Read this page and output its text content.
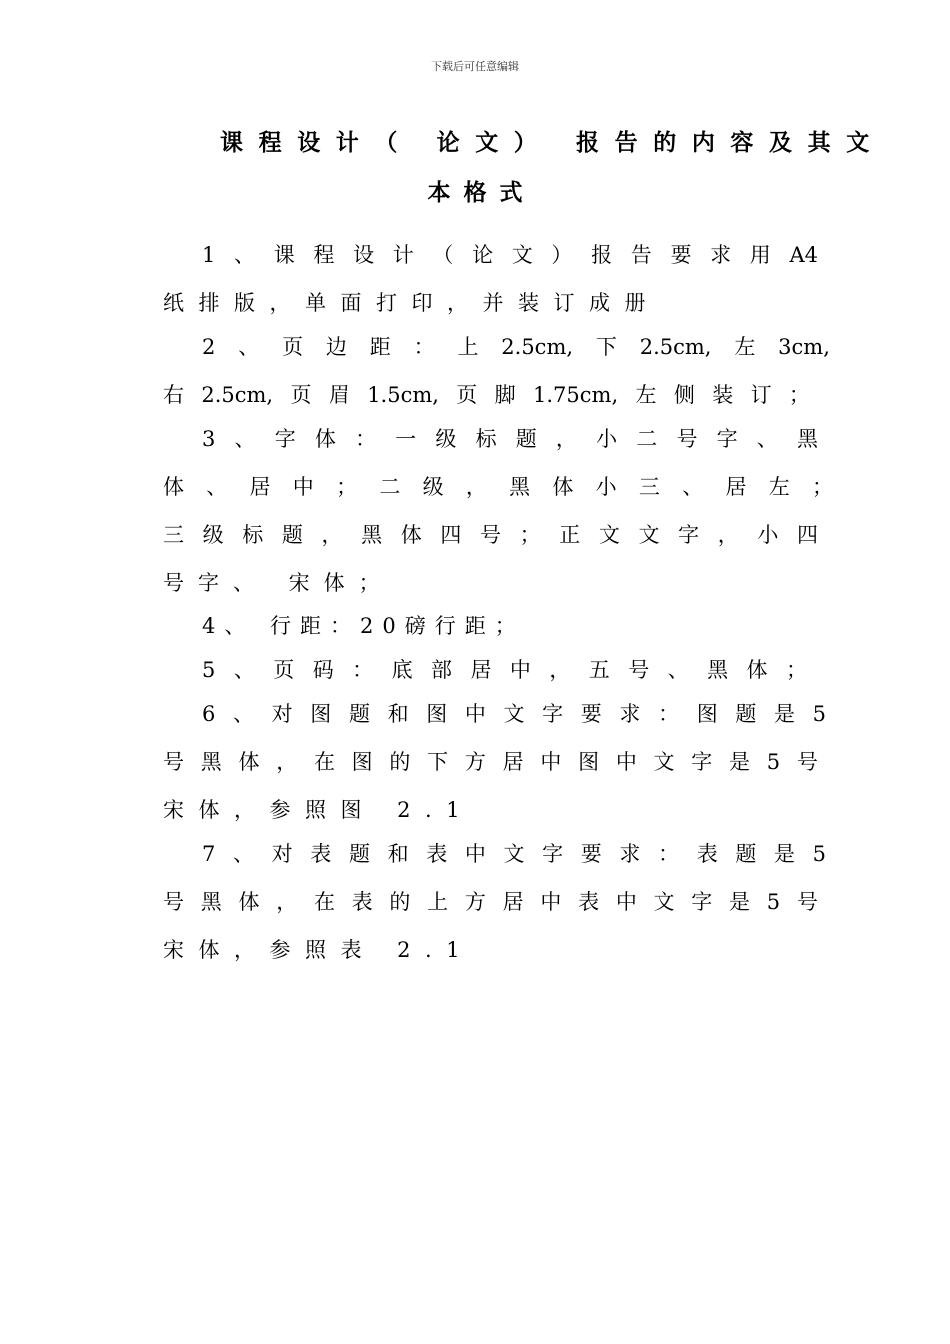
下载后可任意编辑
课程设计（ 论文） 报告的内容及其文
本格式
1 、 课 程 设 计 （ 论 文 ） 报 告 要 求 用 A4
纸排版，单面打印，并装订成册
2 、 页 边 距 ： 上 2.5cm, 下 2.5cm, 左 3cm,
右 2.5cm, 页 眉 1.5cm, 页 脚 1.75cm, 左 侧 装 订 ；
3 、 字 体 ： 一 级 标 题 ， 小 二 号 字 、 黑
体 、 居 中 ； 二 级 ， 黑 体 小 三 、 居 左 ；
三 级 标 题 ， 黑 体 四 号 ； 正 文 文 字 ， 小 四
号字、 宋体；
4、 行距：20磅行距；
5 、 页 码 ： 底 部 居 中 ， 五 号 、 黑 体 ；
6 、 对 图 题 和 图 中 文 字 要 求 ： 图 题 是 5
号 黑 体 ， 在 图 的 下 方 居 中 图 中 文 字 是 5 号
宋体，参照图 2.1
7 、 对 表 题 和 表 中 文 字 要 求 ： 表 题 是 5
号 黑 体 ， 在 表 的 上 方 居 中 表 中 文 字 是 5 号
宋体，参照表 2.1
